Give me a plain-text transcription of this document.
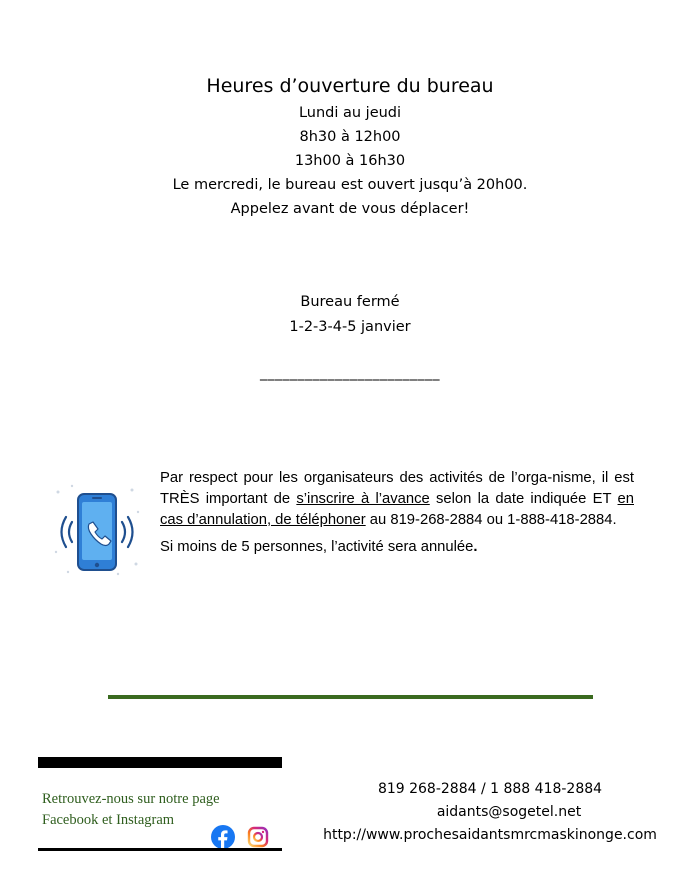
Heures d’ouverture du bureau
Lundi au jeudi
8h30 à 12h00
13h00 à 16h30
Le mercredi, le bureau est ouvert jusqu’à 20h00.
Appelez avant de vous déplacer!
Bureau fermé
1-2-3-4-5 janvier
________________________

Par respect pour les organisateurs des activités de l’orga-nisme, il est TRÈS important de s’inscrire à l’avance selon la date indiquée ET en cas d’annulation, de téléphoner au 819-268-2884 ou 1-888-418-2884.

Si moins de 5 personnes, l’activité sera annulée.

Retrouvez-nous sur notre page
Facebook et Instagram
819 268-2884 / 1 888 418-2884
aidants@sogetel.net
http://www.prochesaidantsmrcmaskinonge.com
